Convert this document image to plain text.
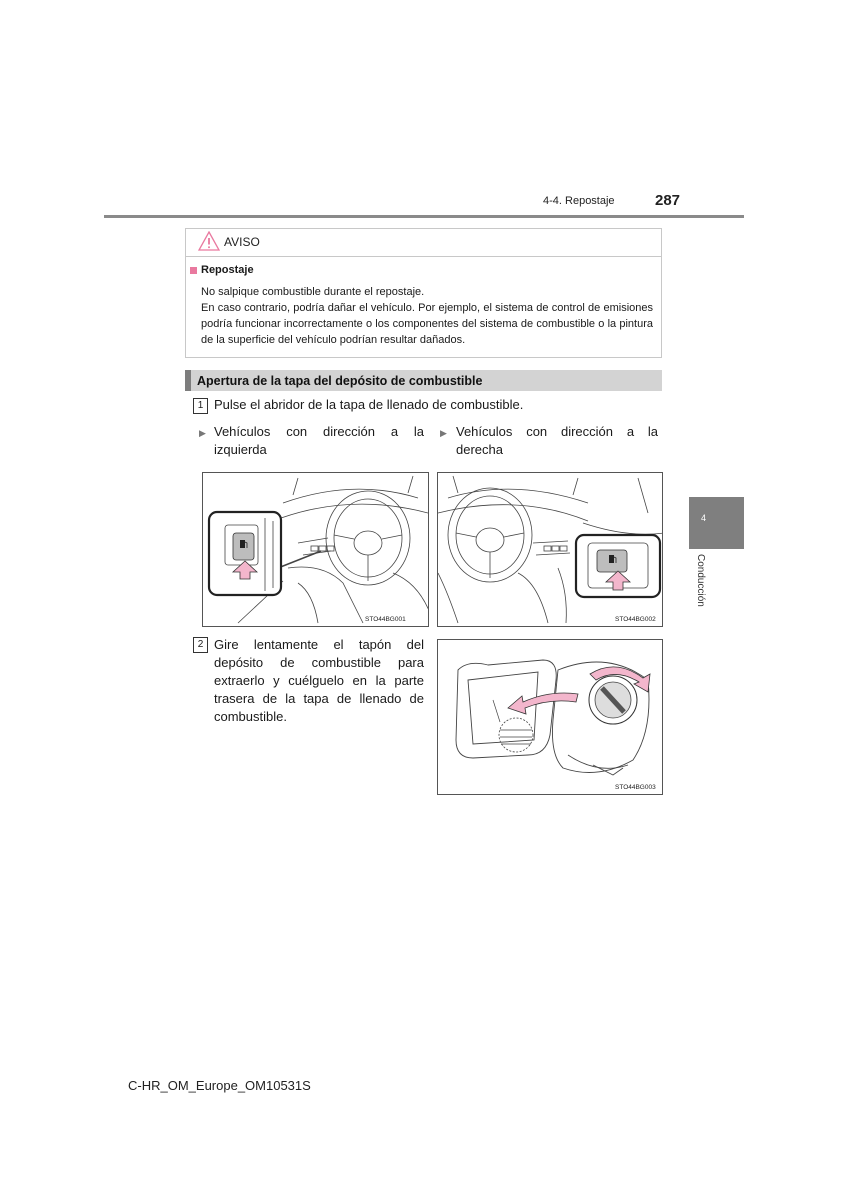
4-4. Repostaje	287
AVISO
Repostaje
No salpique combustible durante el repostaje.
En caso contrario, podría dañar el vehículo. Por ejemplo, el sistema de control de emisiones podría funcionar incorrectamente o los componentes del sistema de combustible o la pintura de la superficie del vehículo podrían resultar dañados.
Apertura de la tapa del depósito de combustible
1 Pulse el abridor de la tapa de llenado de combustible.
▶ Vehículos con dirección a la izquierda
▶ Vehículos con dirección a la derecha
STO44BG001	STO44BG002
2 Gire lentamente el tapón del depósito de combustible para extraerlo y cuélguelo en la parte trasera de la tapa de llenado de combustible.
STO44BG003
4
Conducción
C-HR_OM_Europe_OM10531S
